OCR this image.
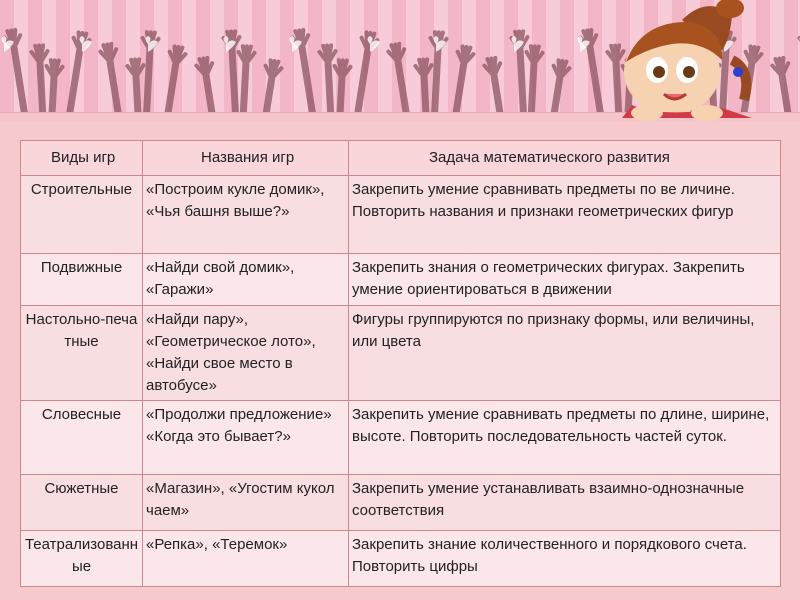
Виды игр	Названия игр	Задача математического развития
Строительные	«Построим кукле домик», «Чья башня выше?»	Закрепить умение сравнивать предметы по ве личине. Повторить названия и признаки геометрических фигур
Подвижные	«Найди свой домик», «Гаражи»	Закрепить знания о геометрических фигурах. Закрепить умение ориентироваться в движении
Настольно-печатные	«Найди пару», «Геометрическое лото», «Найди свое место в автобусе»	Фигуры группируются по признаку формы, или величины, или цвета
Словесные	«Продолжи предложение» «Когда это бывает?»	Закрепить умение сравнивать предметы по длине, ширине, высоте. Повторить последовательность частей суток.
Сюжетные	«Магазин», «Угостим кукол чаем»	Закрепить умение устанавливать взаимно-однозначные соответствия
Театрализованные	«Репка», «Теремок»	Закрепить знание количественного и порядкового счета. Повторить цифры
